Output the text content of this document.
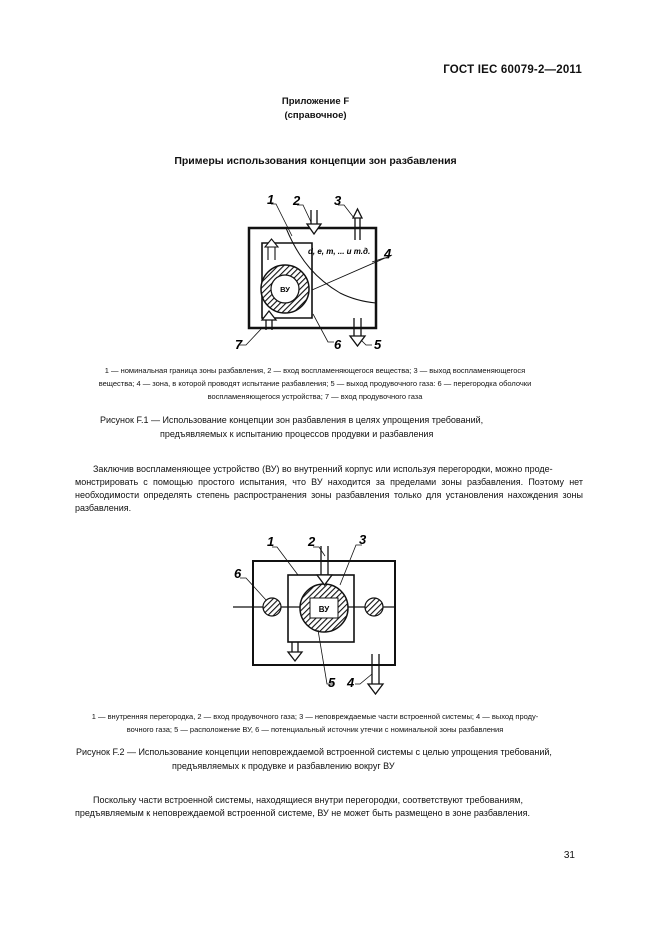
ГОСТ IEC 60079-2—2011
Приложение F
(справочное)
Примеры использования концепции зон разбавления
ВУ
d, e, m, ... и т.д.
1 2	3
4
5
6
7
ВУ
1	2	3
4
5
6
1 — номинальная граница зоны разбавления, 2 — вход воспламеняющегося вещества; 3 — выход воспламеняющегося
вещества; 4 — зона, в которой проводят испытание разбавления; 5 — выход продувочного газа: 6 — перегородка оболочки
воспламеняющегося устройства; 7 — вход продувочного газа
Рисунок F.1 — Использование концепции зон разбавления в целях упрощения требований,
предъявляемых к испытанию процессов продувки и разбавления
Заключив воспламеняющее устройство (ВУ) во внутренний корпус или используя перегородки, можно проде-
монстрировать с помощью простого испытания, что ВУ находится за пределами зоны разбавления. Поэтому нет необходимости определять степень распространения зоны разбавления только для установления нахождения зоны разбавления.
1 — внутренняя перегородка, 2 — вход продувочного газа; 3 — неповреждаемые части встроенной системы; 4 — выход проду-
вочного газа; 5 — расположение ВУ, 6 — потенциальный источник утечки с номинальной зоны разбавления
Рисунок F.2 — Использование концепции неповреждаемой встроенной системы с целью упрощения требований,
предъявляемых к продувке и разбавлению вокруг ВУ
Поскольку части встроенной системы, находящиеся внутри перегородки, соответствуют требованиям,
предъявляемым к неповреждаемой встроенной системе, ВУ не может быть размещено в зоне разбавления.
31
